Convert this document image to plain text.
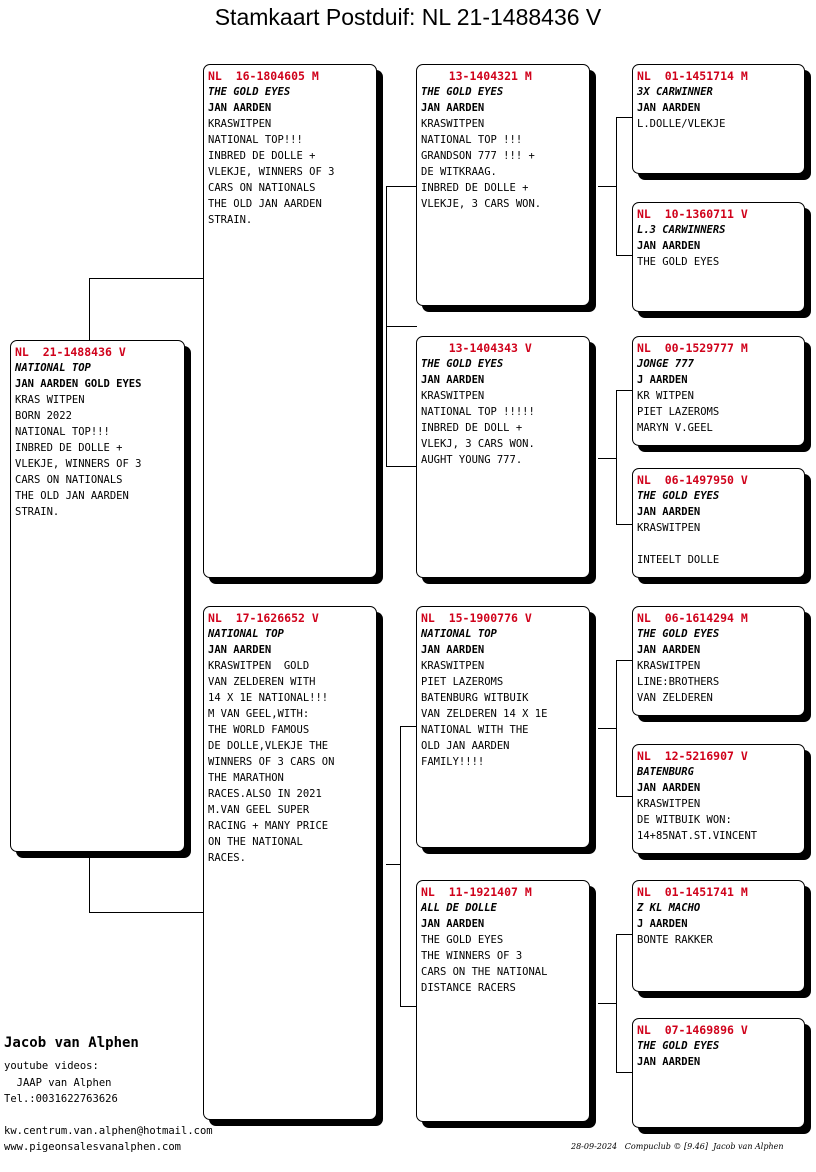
Stamkaart Postduif: NL 21-1488436 V
NL  21-1488436 V
NATIONAL TOP
JAN AARDEN GOLD EYES
KRAS WITPEN
BORN 2022
NATIONAL TOP!!!
INBRED DE DOLLE +
VLEKJE, WINNERS OF 3
CARS ON NATIONALS
THE OLD JAN AARDEN
STRAIN.
NL  16-1804605 M
THE GOLD EYES
JAN AARDEN
KRASWITPEN
NATIONAL TOP!!!
INBRED DE DOLLE +
VLEKJE, WINNERS OF 3
CARS ON NATIONALS
THE OLD JAN AARDEN
STRAIN.
NL  17-1626652 V
NATIONAL TOP
JAN AARDEN
KRASWITPEN  GOLD
VAN ZELDEREN WITH
14 X 1E NATIONAL!!!
M VAN GEEL,WITH:
THE WORLD FAMOUS
DE DOLLE,VLEKJE THE
WINNERS OF 3 CARS ON
THE MARATHON
RACES.ALSO IN 2021
M.VAN GEEL SUPER
RACING + MANY PRICE
ON THE NATIONAL
RACES.
13-1404321 M
THE GOLD EYES
JAN AARDEN
KRASWITPEN
NATIONAL TOP !!!
GRANDSON 777 !!! +
DE WITKRAAG.
INBRED DE DOLLE +
VLEKJE, 3 CARS WON.
13-1404343 V
THE GOLD EYES
JAN AARDEN
KRASWITPEN
NATIONAL TOP !!!!!
INBRED DE DOLL +
VLEKJ, 3 CARS WON.
AUGHT YOUNG 777.
NL  15-1900776 V
NATIONAL TOP
JAN AARDEN
KRASWITPEN
PIET LAZEROMS
BATENBURG WITBUIK
VAN ZELDEREN 14 X 1E
NATIONAL WITH THE
OLD JAN AARDEN
FAMILY!!!!
NL  11-1921407 M
ALL DE DOLLE
JAN AARDEN
THE GOLD EYES
THE WINNERS OF 3
CARS ON THE NATIONAL
DISTANCE RACERS
NL  01-1451714 M
3X CARWINNER
JAN AARDEN
L.DOLLE/VLEKJE
NL  10-1360711 V
L.3 CARWINNERS
JAN AARDEN
THE GOLD EYES
NL  00-1529777 M
JONGE 777
J AARDEN
KR WITPEN
PIET LAZEROMS
MARYN V.GEEL
NL  06-1497950 V
THE GOLD EYES
JAN AARDEN
KRASWITPEN
INTEELT DOLLE
NL  06-1614294 M
THE GOLD EYES
JAN AARDEN
KRASWITPEN
LINE:BROTHERS
VAN ZELDEREN
NL  12-5216907 V
BATENBURG
JAN AARDEN
KRASWITPEN
DE WITBUIK WON:
14+85NAT.ST.VINCENT
NL  01-1451741 M
Z KL MACHO
J AARDEN
BONTE RAKKER
NL  07-1469896 V
THE GOLD EYES
JAN AARDEN
Jacob van Alphen
youtube videos:
JAAP van Alphen
Tel.:0031622763626
kw.centrum.van.alphen@hotmail.com
www.pigeonsalesvanalphen.com	28-09-2024   Compuclub © [9.46]  Jacob van Alphen
